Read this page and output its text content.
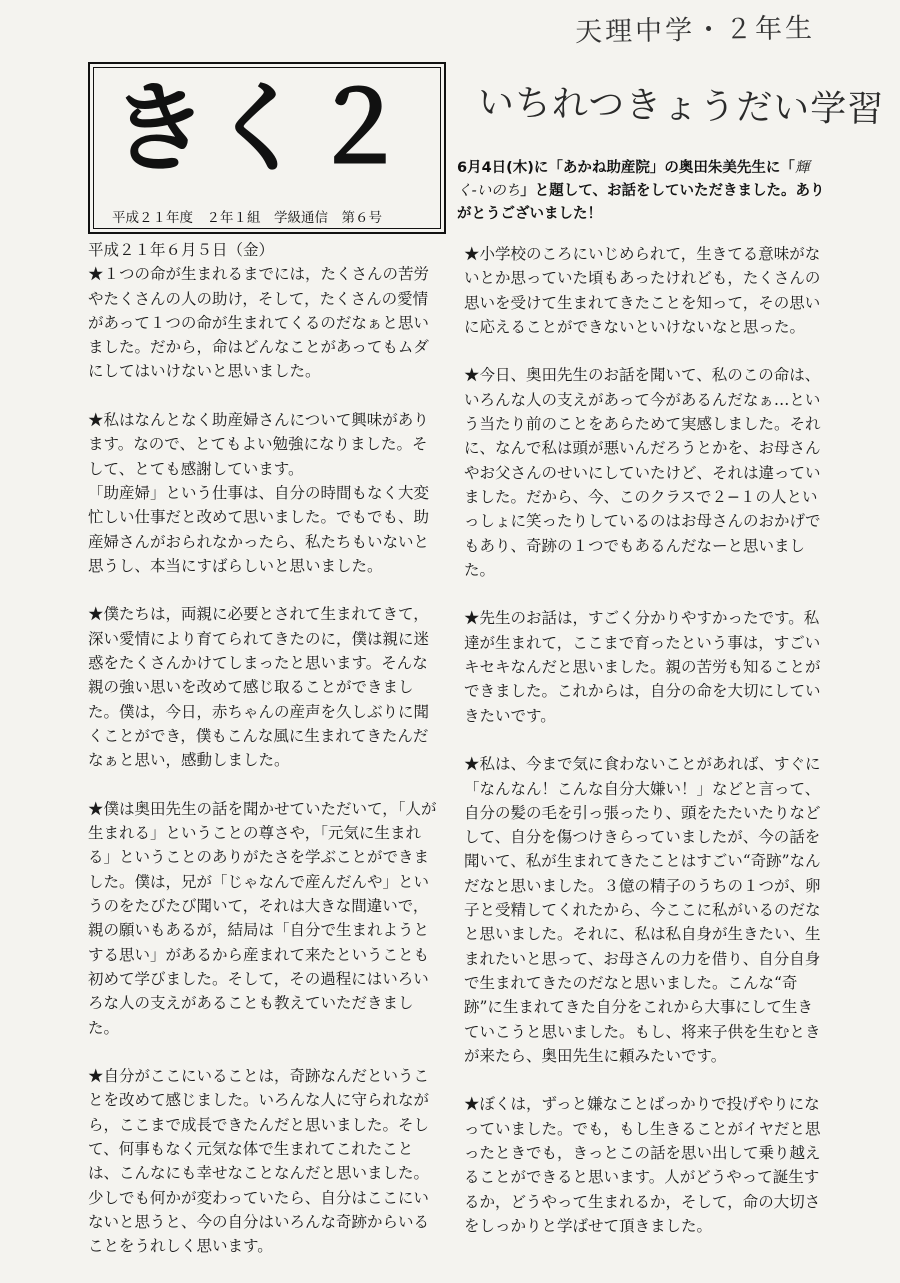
天理中学・２年生
きく２
平成２１年度　２年１組　学級通信　第６号
いちれつきょうだい学習
6月4日(木)に「あかね助産院」の奥田朱美先生に「輝く-いのち」と題して、お話をしていただきました。ありがとうございました！

平成２１年６月５日（金）

★１つの命が生まれるまでには，たくさんの苦労やたくさんの人の助け，そして，たくさんの愛情があって１つの命が生まれてくるのだなぁと思いました。だから，命はどんなことがあってもムダにしてはいけないと思いました。

★私はなんとなく助産婦さんについて興味があります。なので、とてもよい勉強になりました。そして、とても感謝しています。

「助産婦」という仕事は、自分の時間もなく大変忙しい仕事だと改めて思いました。でもでも、助産婦さんがおられなかったら、私たちもいないと思うし、本当にすばらしいと思いました。

★僕たちは，両親に必要とされて生まれてきて，深い愛情により育てられてきたのに，僕は親に迷惑をたくさんかけてしまったと思います。そんな親の強い思いを改めて感じ取ることができました。僕は，今日，赤ちゃんの産声を久しぶりに聞くことができ，僕もこんな風に生まれてきたんだなぁと思い，感動しました。

★僕は奥田先生の話を聞かせていただいて，「人が生まれる」ということの尊さや，「元気に生まれる」ということのありがたさを学ぶことができました。僕は，兄が「じゃなんで産んだんや」というのをたびたび聞いて，それは大きな間違いで，親の願いもあるが，結局は「自分で生まれようとする思い」があるから産まれて来たということも初めて学びました。そして，その過程にはいろいろな人の支えがあることも教えていただきました。

★自分がここにいることは，奇跡なんだということを改めて感じました。いろんな人に守られながら，ここまで成長できたんだと思いました。そして、何事もなく元気な体で生まれてこれたことは、こんなにも幸せなことなんだと思いました。少しでも何かが変わっていたら、自分はここにいないと思うと、今の自分はいろんな奇跡からいることをうれしく思います。

★小学校のころにいじめられて，生きてる意味がないとか思っていた頃もあったけれども，たくさんの思いを受けて生まれてきたことを知って，その思いに応えることができないといけないなと思った。

★今日、奥田先生のお話を聞いて、私のこの命は、いろんな人の支えがあって今があるんだなぁ…という当たり前のことをあらためて実感しました。それに、なんで私は頭が悪いんだろうとかを、お母さんやお父さんのせいにしていたけど、それは違っていました。だから、今、このクラスで２−１の人といっしょに笑ったりしているのはお母さんのおかげでもあり、奇跡の１つでもあるんだなーと思いました。

★先生のお話は，すごく分かりやすかったです。私達が生まれて，ここまで育ったという事は，すごいキセキなんだと思いました。親の苦労も知ることができました。これからは，自分の命を大切にしていきたいです。

★私は、今まで気に食わないことがあれば、すぐに「なんなん！こんな自分大嫌い！」などと言って、自分の髪の毛を引っ張ったり、頭をたたいたりなどして、自分を傷つけきらっていましたが、今の話を聞いて、私が生まれてきたことはすごい“奇跡”なんだなと思いました。３億の精子のうちの１つが、卵子と受精してくれたから、今ここに私がいるのだなと思いました。それに、私は私自身が生きたい、生まれたいと思って、お母さんの力を借り、自分自身で生まれてきたのだなと思いました。こんな“奇跡”に生まれてきた自分をこれから大事にして生きていこうと思いました。もし、将来子供を生むときが来たら、奥田先生に頼みたいです。

★ぼくは，ずっと嫌なことばっかりで投げやりになっていました。でも，もし生きることがイヤだと思ったときでも，きっとこの話を思い出して乗り越えることができると思います。人がどうやって誕生するか，どうやって生まれるか，そして，命の大切さをしっかりと学ばせて頂きました。
